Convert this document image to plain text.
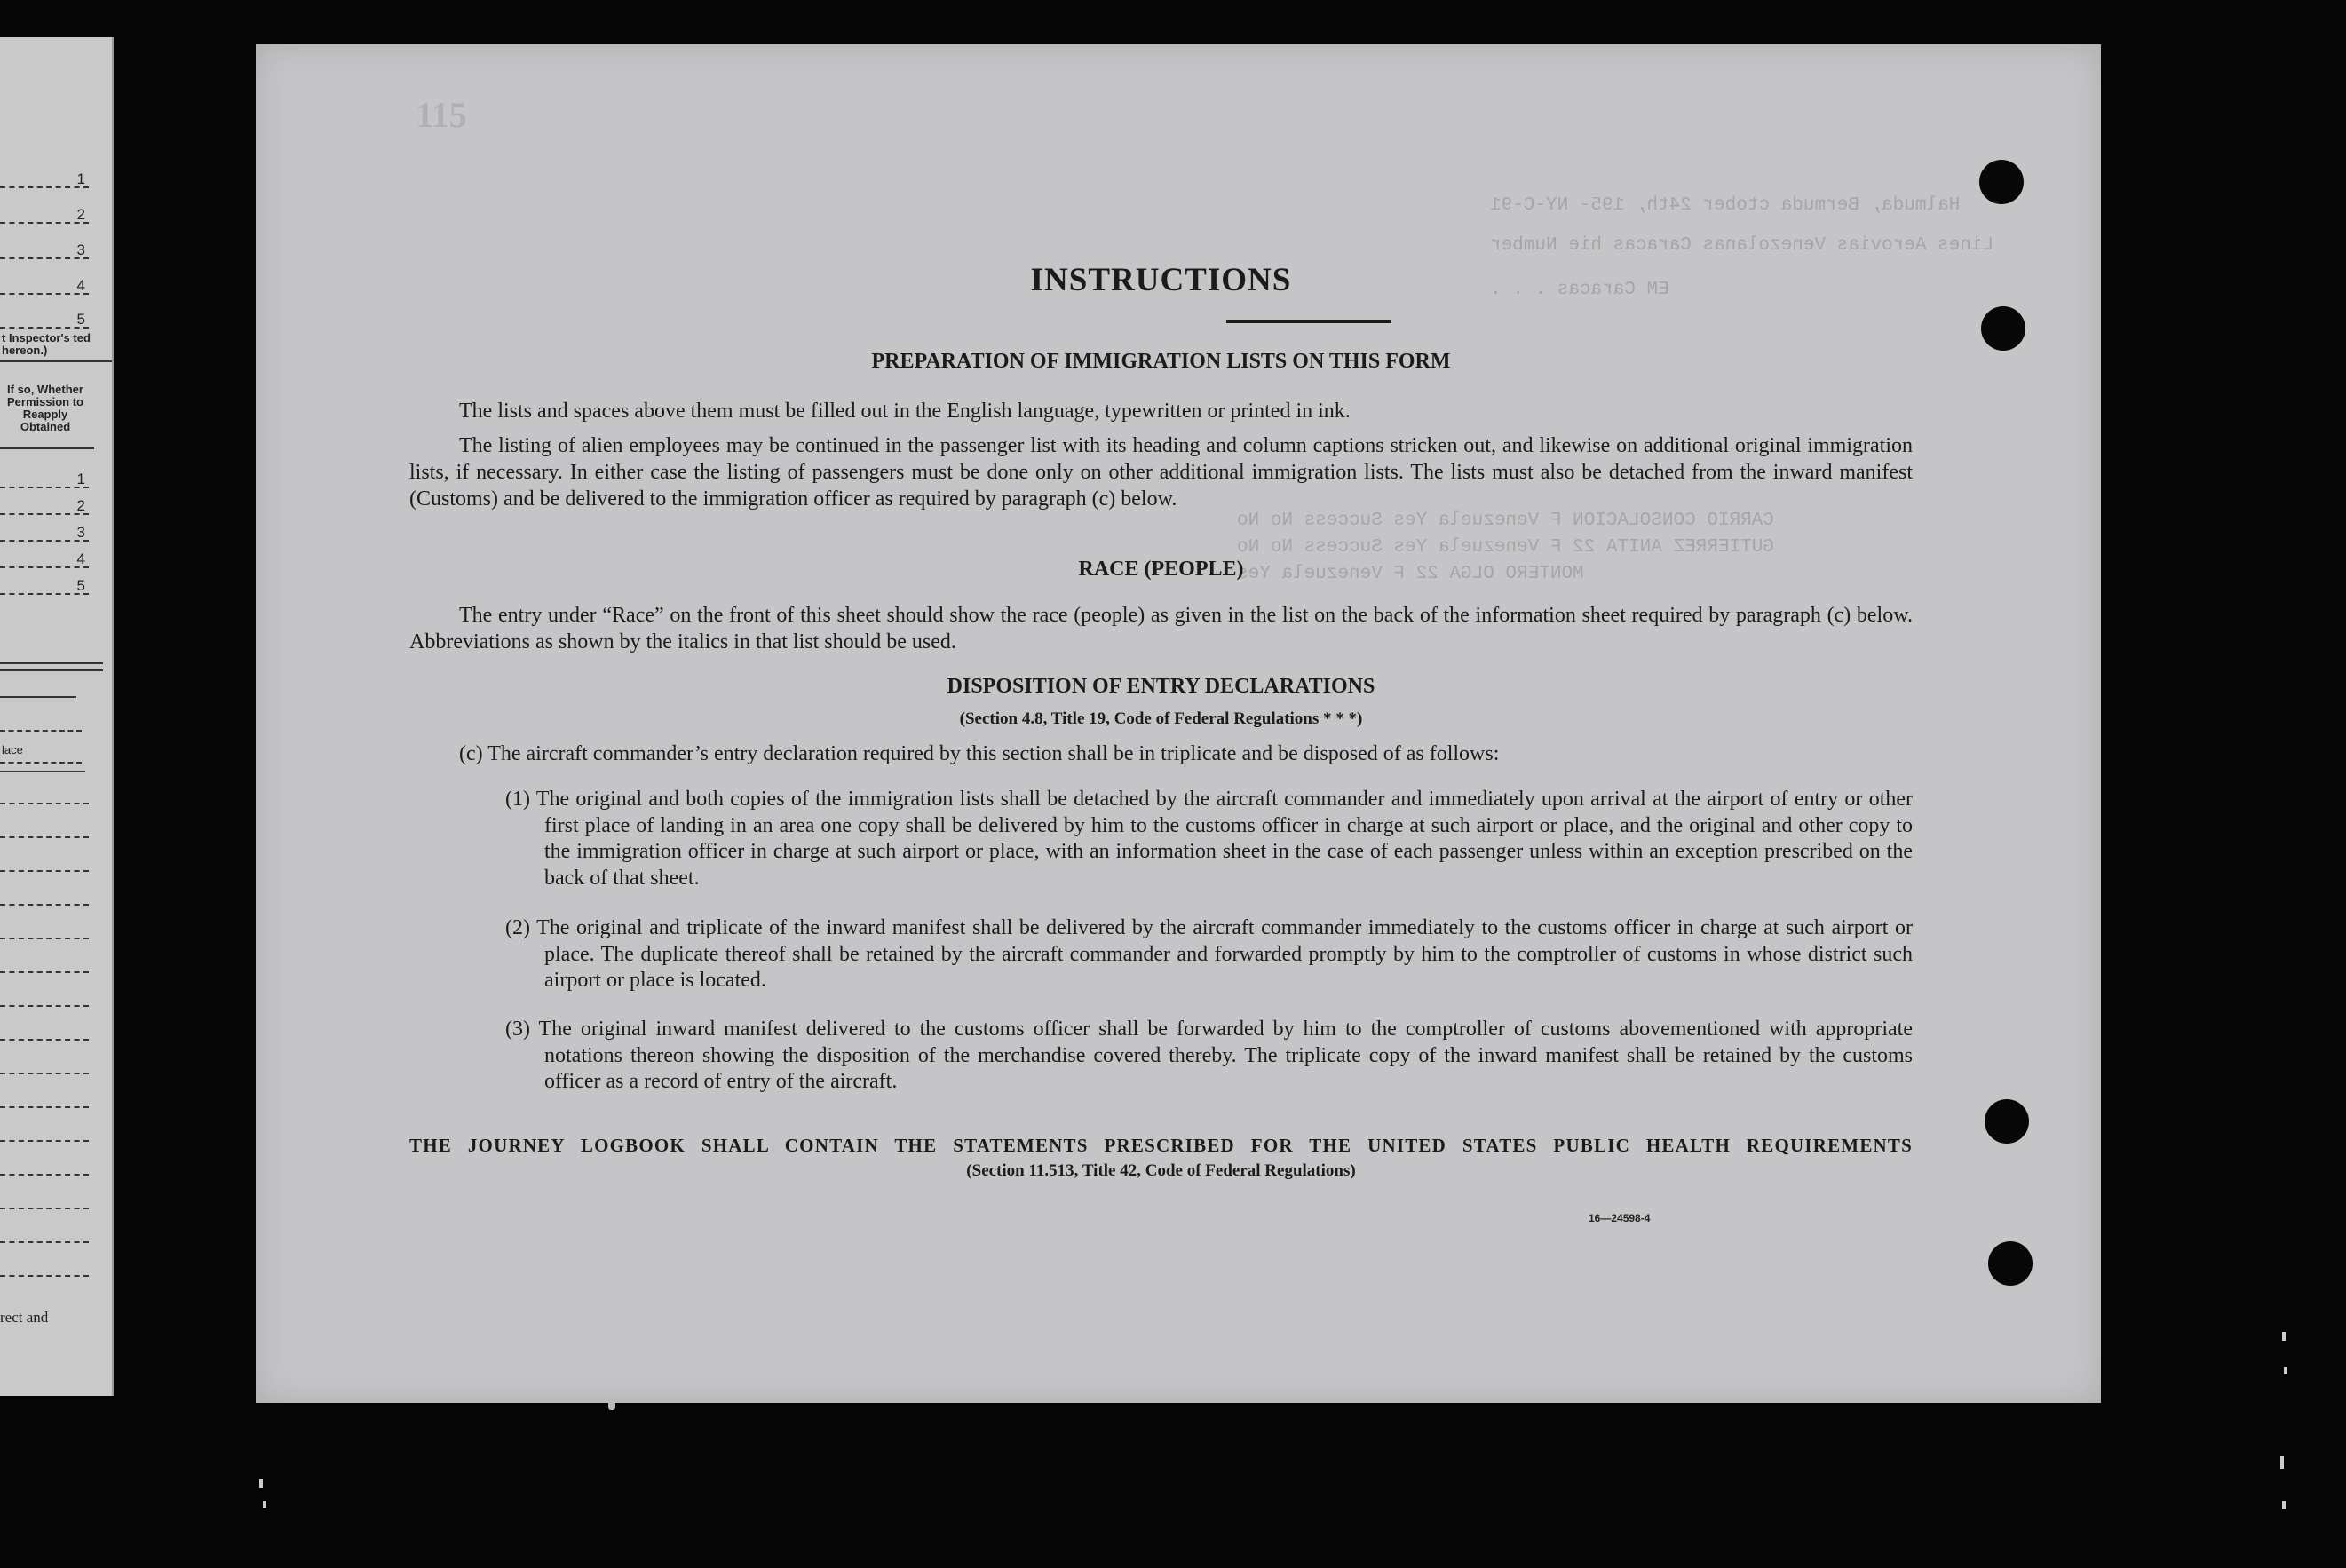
1
2
3
4
5
t Inspector's ted hereon.)
If so, Whether Permission to Reapply Obtained
1
2
3
4
5
lace
rect and
115
Halmuda, Bermuda ctober 24th, 195- NY-C-91
Lines Aerovias Venezolanas Caracas hie Number
EM Caracas . . .
CARRIO CONSOLACION F Venezuela Yes Success No No
GUTIERREZ ANITA 22 F Venezuela Yes Success No No
MONTERO OLGA 22 F Venezuela Yes
INSTRUCTIONS
PREPARATION OF IMMIGRATION LISTS ON THIS FORM
The lists and spaces above them must be filled out in the English language, typewritten or printed in ink.
The listing of alien employees may be continued in the passenger list with its heading and column captions stricken out, and likewise on additional original immigration lists, if necessary. In either case the listing of passengers must be done only on other additional immigration lists. The lists must also be detached from the inward manifest (Customs) and be delivered to the immigration officer as required by paragraph (c) below.
RACE (PEOPLE)
The entry under “Race” on the front of this sheet should show the race (people) as given in the list on the back of the information sheet required by paragraph (c) below. Abbreviations as shown by the italics in that list should be used.
DISPOSITION OF ENTRY DECLARATIONS
(Section 4.8, Title 19, Code of Federal Regulations * * *)
(c) The aircraft commander’s entry declaration required by this section shall be in triplicate and be disposed of as follows:
(1) The original and both copies of the immigration lists shall be detached by the aircraft commander and immediately upon arrival at the airport of entry or other first place of landing in an area one copy shall be delivered by him to the customs officer in charge at such airport or place, and the original and other copy to the immigration officer in charge at such airport or place, with an information sheet in the case of each passenger unless within an exception prescribed on the back of that sheet.
(2) The original and triplicate of the inward manifest shall be delivered by the aircraft commander immediately to the customs officer in charge at such airport or place. The duplicate thereof shall be retained by the aircraft commander and forwarded promptly by him to the comptroller of customs in whose district such airport or place is located.
(3) The original inward manifest delivered to the customs officer shall be forwarded by him to the comptroller of customs abovementioned with appropriate notations thereon showing the disposition of the merchandise covered thereby. The triplicate copy of the inward manifest shall be retained by the customs officer as a record of entry of the aircraft.
THE JOURNEY LOGBOOK SHALL CONTAIN THE STATEMENTS PRESCRIBED FOR THE UNITED STATES PUBLIC HEALTH REQUIREMENTS
(Section 11.513, Title 42, Code of Federal Regulations)
16—24598-4
